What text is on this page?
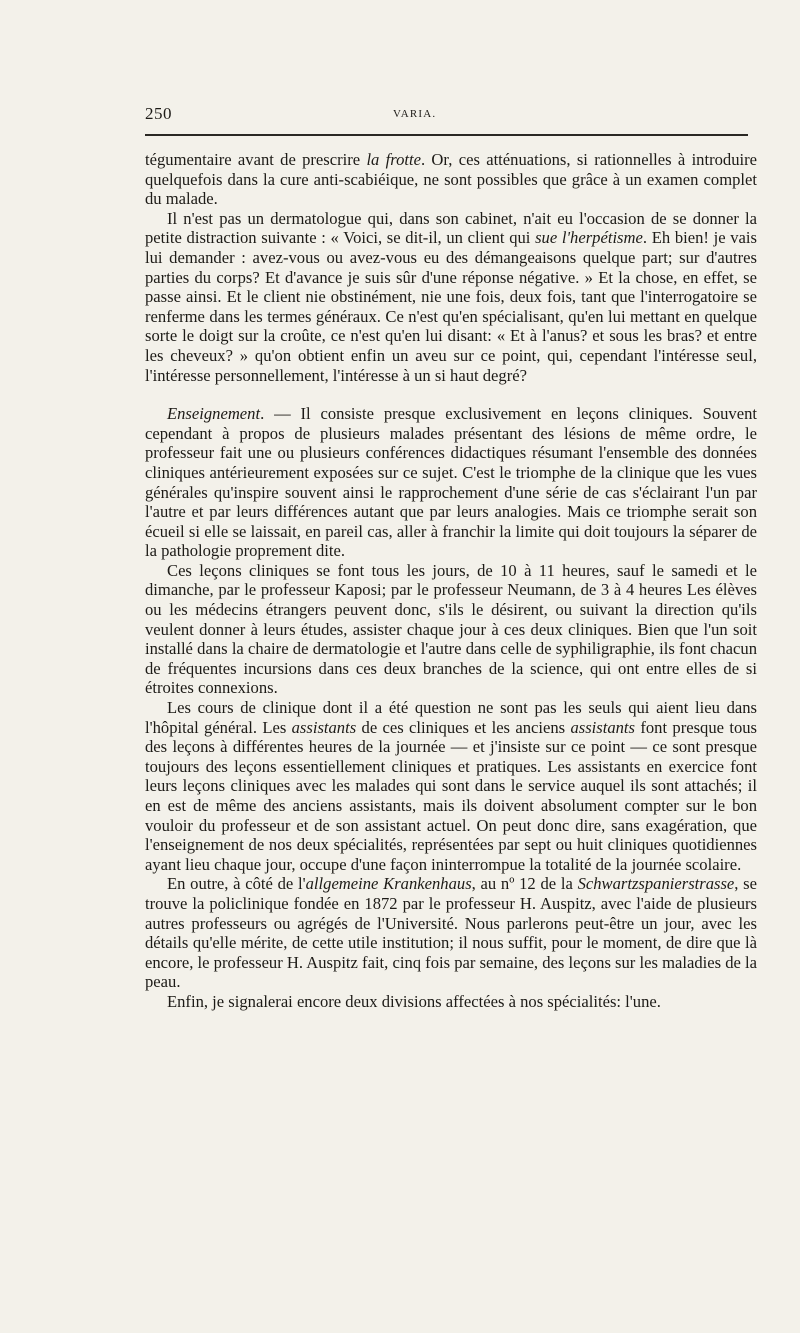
250	VARIA.

tégumentaire avant de prescrire la frotte. Or, ces atténuations, si rationnelles à introduire quelquefois dans la cure anti-scabiéique, ne sont possibles que grâce à un examen complet du malade.

Il n'est pas un dermatologue qui, dans son cabinet, n'ait eu l'occasion de se donner la petite distraction suivante : « Voici, se dit-il, un client qui sue l'herpétisme. Eh bien! je vais lui demander : avez-vous ou avez-vous eu des démangeaisons quelque part; sur d'autres parties du corps? Et d'avance je suis sûr d'une réponse négative. » Et la chose, en effet, se passe ainsi. Et le client nie obstinément, nie une fois, deux fois, tant que l'interrogatoire se renferme dans les termes généraux. Ce n'est qu'en spécialisant, qu'en lui mettant en quelque sorte le doigt sur la croûte, ce n'est qu'en lui disant: « Et à l'anus? et sous les bras? et entre les cheveux? » qu'on obtient enfin un aveu sur ce point, qui, cependant l'intéresse seul, l'intéresse personnellement, l'intéresse à un si haut degré?

Enseignement. — Il consiste presque exclusivement en leçons cliniques. Souvent cependant à propos de plusieurs malades présentant des lésions de même ordre, le professeur fait une ou plusieurs conférences didactiques résumant l'ensemble des données cliniques antérieurement exposées sur ce sujet. C'est le triomphe de la clinique que les vues générales qu'inspire souvent ainsi le rapprochement d'une série de cas s'éclairant l'un par l'autre et par leurs différences autant que par leurs analogies. Mais ce triomphe serait son écueil si elle se laissait, en pareil cas, aller à franchir la limite qui doit toujours la séparer de la pathologie proprement dite.

Ces leçons cliniques se font tous les jours, de 10 à 11 heures, sauf le samedi et le dimanche, par le professeur Kaposi; par le professeur Neumann, de 3 à 4 heures Les élèves ou les médecins étrangers peuvent donc, s'ils le désirent, ou suivant la direction qu'ils veulent donner à leurs études, assister chaque jour à ces deux cliniques. Bien que l'un soit installé dans la chaire de dermatologie et l'autre dans celle de syphiligraphie, ils font chacun de fréquentes incursions dans ces deux branches de la science, qui ont entre elles de si étroites connexions.

Les cours de clinique dont il a été question ne sont pas les seuls qui aient lieu dans l'hôpital général. Les assistants de ces cliniques et les anciens assistants font presque tous des leçons à différentes heures de la journée — et j'insiste sur ce point — ce sont presque toujours des leçons essentiellement cliniques et pratiques. Les assistants en exercice font leurs leçons cliniques avec les malades qui sont dans le service auquel ils sont attachés; il en est de même des anciens assistants, mais ils doivent absolument compter sur le bon vouloir du professeur et de son assistant actuel. On peut donc dire, sans exagération, que l'enseignement de nos deux spécialités, représentées par sept ou huit cliniques quotidiennes ayant lieu chaque jour, occupe d'une façon ininterrompue la totalité de la journée scolaire.

En outre, à côté de l'allgemeine Krankenhaus, au nº 12 de la Schwartzspanierstrasse, se trouve la policlinique fondée en 1872 par le professeur H. Auspitz, avec l'aide de plusieurs autres professeurs ou agrégés de l'Université. Nous parlerons peut-être un jour, avec les détails qu'elle mérite, de cette utile institution; il nous suffit, pour le moment, de dire que là encore, le professeur H. Auspitz fait, cinq fois par semaine, des leçons sur les maladies de la peau.

Enfin, je signalerai encore deux divisions affectées à nos spécialités: l'une.
